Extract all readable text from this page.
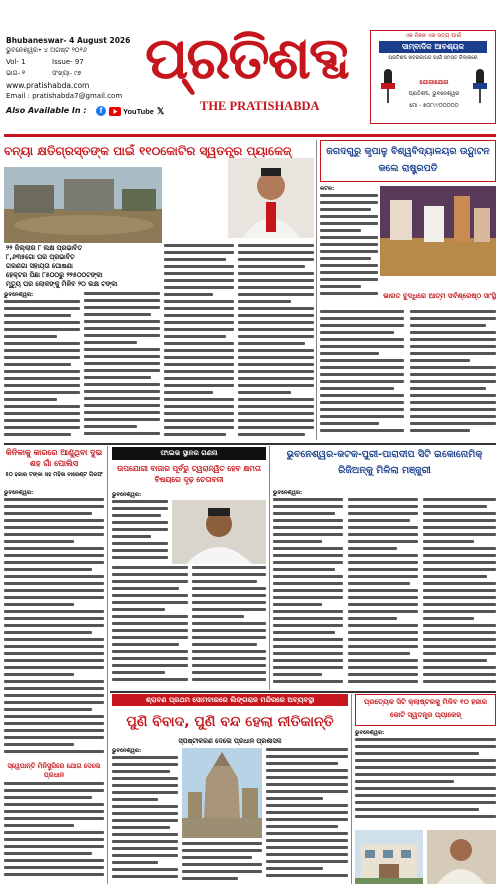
Bhubaneswar- 4 August 2026
ଭୁବନେଶ୍ୱର• ୪ ଅଗଷ୍ଟ ୨୦୨୬
Vol- 1	Issue- 97
ଭାଗ- ୧	ସଂଖ୍ୟା- ୯୭
www.pratishabda.com
Email : pratishabda7@gmail.com
Also Available In :	f	YouTube 𝕏
ପ୍ରତିଶବ୍ଦ
THE PRATISHABDA
ଏକ ନିଛକ ଏକ ସତ୍ୟ ପାଇଁ
ସାମ୍ବାଦିକ ଆବଶ୍ୟକ
ପ୍ରତିଶବ୍ଦ ଖବରକାଗଜ ପାଇଁ ସମସ୍ତ ଜିଲ୍ଲାରେ
ଯୋଗାଯୋଗ
ପ୍ରତିଶବ୍ଦ, ଭୁବନେଶ୍ୱର
ମୋ - ୭୦୮୯୯୦୦୦୦୦
ବନ୍ୟା କ୍ଷତିଗ୍ରସ୍ତଙ୍କ ପାଇଁ ୧୧୦କୋଟିର ସ୍ୱତନ୍ତ୍ର ପ୍ୟାକେଜ୍

୨୨ ଜିଲ୍ଲାର ୮ ଲକ୍ଷ ପ୍ରଭାବିତ
୮,୬୩୫ଗୋ ଘର ପ୍ରଭାବିତ
ଗରଣଗା ସହାୟତା ଘୋଷଣା
ହେକ୍ଟର ପିଛା ୮୫୦୦ରୁ ୨୨୫୦୦ଟଙ୍କା
ମୃତ୍ୟୁ ଘର ଲୋକଙ୍କୁ ମିଳିବ ୨୦ ଲକ୍ଷ ଟଙ୍କା
ଭୁବନେଶ୍ୱର:
ଜଗଦଗୁରୁ କୃପାଳୁ ବିଶ୍ୱବିଦ୍ୟାଳୟର ଉଦ୍ଘାଟନ କଲେ ରାଷ୍ଟ୍ରପତି
କଟକ:
ଭାରତ ବୁଦ୍ଧିରେ ଆତ୍ମ ସର୍ବଶ୍ରେଷ୍ଠ ସାଂସ୍ଥି
କିନିକାକୁ କାରରେ ଆଣୁଥିବା ଦୁଇ ଶହ ଗାଁ ପୋଲିସ
୫୦ ହଜାର ଟଙ୍କା ସହ ମହିଳା ବାରେଣ୍ଟ ଗିରଫ
ଭୁବନେଶ୍ୱର:
ସ୍ୱେପାନ୍ତି ମିନିସ୍ଟ୍ରିରେ ଯୋଗ ଦେଲେ ପ୍ରଧାନ
ଫାଇଭ ସ୍ଥାନର ଗଣନା
ଉପଯୋଗୀ ବାଜାର ପୂର୍ବରୁ ତ୍ୱରାନ୍ୱିତ ହେବ କ୍ଷମତା ବିଷୟରେ ଦୃଢ଼ ଚେତାବନୀ
ଭୁବନେଶ୍ୱର:
ଭୁବନେଶ୍ୱର-କଟକ-ପୁରୀ-ପାରାଦୀପ ସିଟି ଇକୋନୋମିକ୍ ରିଜିଅନ୍କୁ ମିଳିଲା ମଞ୍ଜୁରୀ
ଭୁବନେଶ୍ୱର:
ଶ୍ରାବଣ ପ୍ରଥମ ସୋମବାରରେ ଲିଙ୍ଗରାଜ ମନ୍ଦିରରେ ଅବ୍ୟବସ୍ଥା
ପୁଣି ବିବାଦ, ପୁଣି ବନ୍ଦ ହେଲା ନୀତିକାନ୍ତି
ସ୍ପଷ୍ଟୀକରଣ ଦେଲେ ପ୍ରଧାନ ପ୍ରଶାସକ
ଭୁବନେଶ୍ୱର:
ପ୍ରତ୍ୟେକ ସିଟି କ୍ଲାଷ୍ଟରକୁ ମିଳିବ ୧୦ ହଜାର କୋଟି ସ୍ୱତନ୍ତ୍ର ପ୍ୟାକେଜ୍
ଭୁବନେଶ୍ୱର:
